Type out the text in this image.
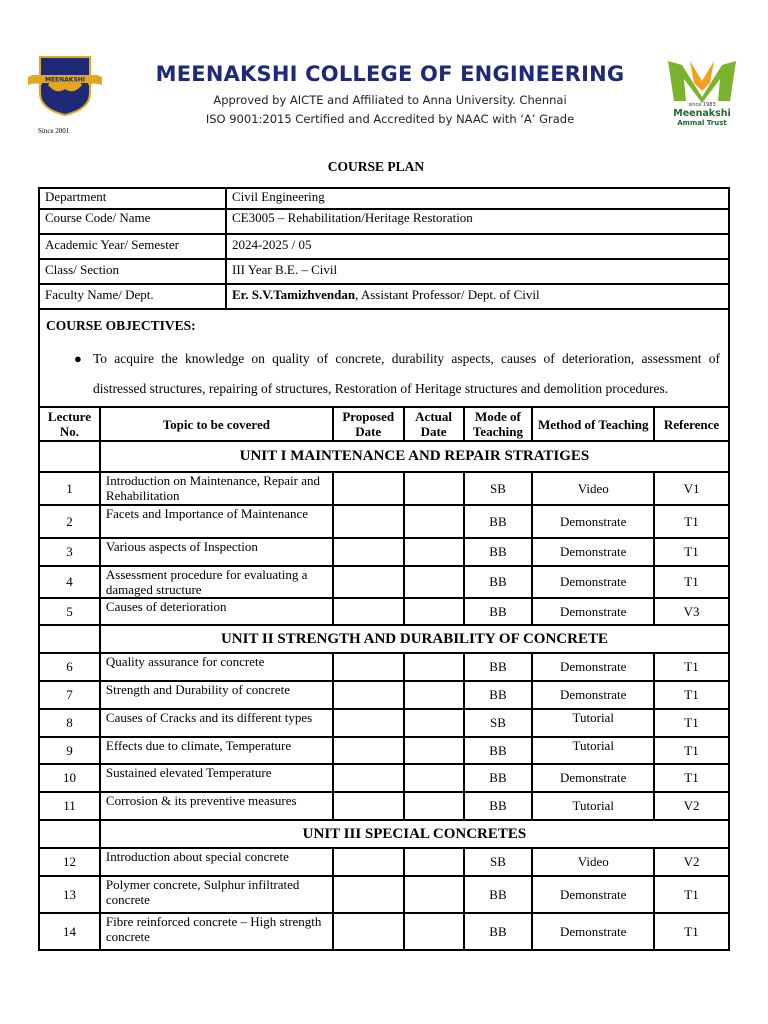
MEENAKSHI
Since 2001
MEENAKSHI COLLEGE OF ENGINEERING
Approved by AICTE and Affiliated to Anna University. Chennai
ISO 9001:2015 Certified and Accredited by NAAC with ‘A’ Grade
since 1983
Meenakshi
Ammal Trust
COURSE PLAN
Department	Civil Engineering
Course Code/ Name	CE3005 – Rehabilitation/Heritage Restoration
Academic Year/ Semester	2024-2025 / 05
Class/ Section	III Year B.E. – Civil
Faculty Name/ Dept.	Er. S.V.Tamizhvendan, Assistant Professor/ Dept. of Civil
COURSE OBJECTIVES:
● To acquire the knowledge on quality of concrete, durability aspects, causes of deterioration, assessment of distressed structures, repairing of structures, Restoration of Heritage structures and demolition procedures.
Lecture No.	Topic to be covered	Proposed Date	Actual Date	Mode of Teaching	Method of Teaching	Reference
	UNIT I MAINTENANCE AND REPAIR STRATIGES					
1	Introduction on Maintenance, Repair and Rehabilitation			SB	Video	V1
2	Facets and Importance of Maintenance			BB	Demonstrate	T1
3	Various aspects of Inspection			BB	Demonstrate	T1
4	Assessment procedure for evaluating a damaged structure			BB	Demonstrate	T1
5	Causes of deterioration			BB	Demonstrate	V3
	UNIT II STRENGTH AND DURABILITY OF CONCRETE					
6	Quality assurance for concrete			BB	Demonstrate	T1
7	Strength and Durability of concrete			BB	Demonstrate	T1
8	Causes of Cracks and its different types			SB	Tutorial	T1
9	Effects due to climate, Temperature			BB	Tutorial	T1
10	Sustained elevated Temperature			BB	Demonstrate	T1
11	Corrosion & its preventive measures			BB	Tutorial	V2
	UNIT III SPECIAL CONCRETES					
12	Introduction about special concrete			SB	Video	V2
13	Polymer concrete, Sulphur infiltrated concrete			BB	Demonstrate	T1
14	Fibre reinforced concrete – High strength concrete			BB	Demonstrate	T1
